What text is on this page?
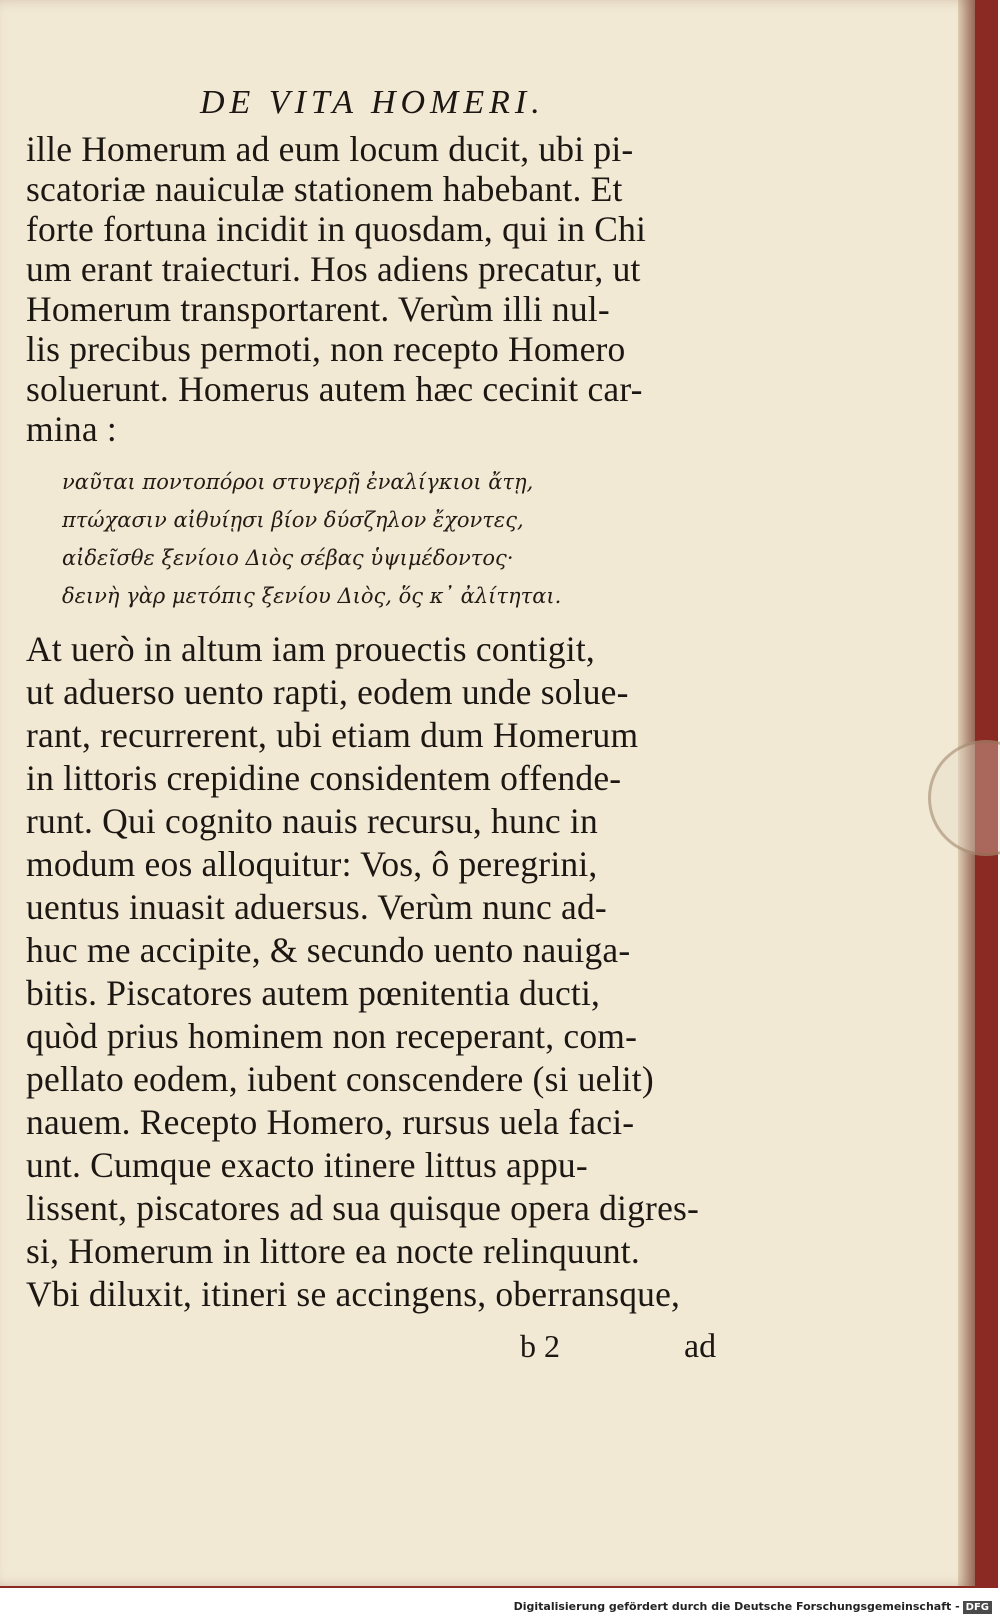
DE VITA HOMERI.
ille Homerum ad eum locum ducit, ubi pi-
scatoriæ nauiculæ stationem habebant. Et
forte fortuna incidit in quosdam, qui in Chi
um erant traiecturi. Hos adiens precatur, ut
Homerum transportarent. Verùm illi nul-
lis precibus permoti, non recepto Homero
soluerunt. Homerus autem hæc cecinit car-
mina :
ναῦται ποντοπόροι στυγερῇ ἐναλίγκιοι ἄτῃ,
πτώχασιν αἰθυίῃσι βίον δύσζηλον ἔχοντες,
αἰδεῖσθε ξενίοιο Διὸς σέβας ὑψιμέδοντος·
δεινὴ γὰρ μετόπις ξενίου Διὸς, ὅς κ᾽ ἀλίτηται.
At uerò in altum iam prouectis contigit,
ut aduerso uento rapti, eodem unde solue-
rant, recurrerent, ubi etiam dum Homerum
in littoris crepidine considentem offende-
runt. Qui cognito nauis recursu, hunc in
modum eos alloquitur: Vos, ô peregrini,
uentus inuasit aduersus. Verùm nunc ad-
huc me accipite, & secundo uento nauiga-
bitis. Piscatores autem pœnitentia ducti,
quòd prius hominem non receperant, com-
pellato eodem, iubent conscendere (si uelit)
nauem. Recepto Homero, rursus uela faci-
unt. Cumque exacto itinere littus appu-
lissent, piscatores ad sua quisque opera digres-
si, Homerum in littore ea nocte relinquunt.
Vbi diluxit, itineri se accingens, oberransque,
b 2	ad
Digitalisierung gefördert durch die Deutsche Forschungsgemeinschaft - DFG
